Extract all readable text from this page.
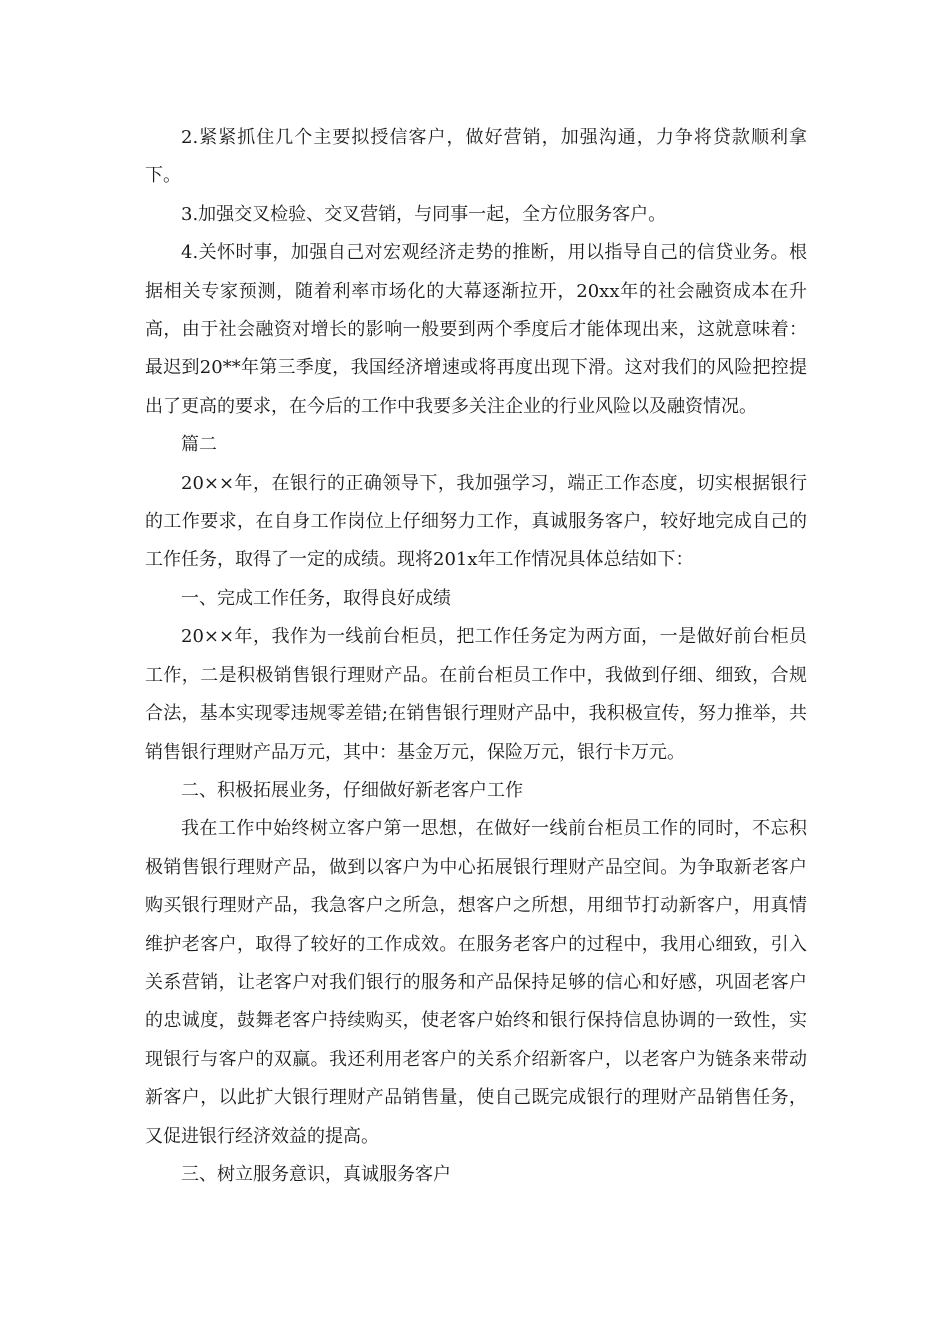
2.紧紧抓住几个主要拟授信客户，做好营销，加强沟通，力争将贷款顺利拿下。

3.加强交叉检验、交叉营销，与同事一起，全方位服务客户。

4.关怀时事，加强自己对宏观经济走势的推断，用以指导自己的信贷业务。根据相关专家预测，随着利率市场化的大幕逐渐拉开，20xx年的社会融资成本在升高，由于社会融资对增长的影响一般要到两个季度后才能体现出来，这就意味着：最迟到20**年第三季度，我国经济增速或将再度出现下滑。这对我们的风险把控提出了更高的要求，在今后的工作中我要多关注企业的行业风险以及融资情况。

篇二

20××年，在银行的正确领导下，我加强学习，端正工作态度，切实根据银行的工作要求，在自身工作岗位上仔细努力工作，真诚服务客户，较好地完成自己的工作任务，取得了一定的成绩。现将201x年工作情况具体总结如下：

一、完成工作任务，取得良好成绩

20××年，我作为一线前台柜员，把工作任务定为两方面，一是做好前台柜员工作，二是积极销售银行理财产品。在前台柜员工作中，我做到仔细、细致，合规合法，基本实现零违规零差错;在销售银行理财产品中，我积极宣传，努力推举，共销售银行理财产品万元，其中：基金万元，保险万元，银行卡万元。

二、积极拓展业务，仔细做好新老客户工作

我在工作中始终树立客户第一思想，在做好一线前台柜员工作的同时，不忘积极销售银行理财产品，做到以客户为中心拓展银行理财产品空间。为争取新老客户购买银行理财产品，我急客户之所急，想客户之所想，用细节打动新客户，用真情维护老客户，取得了较好的工作成效。在服务老客户的过程中，我用心细致，引入关系营销，让老客户对我们银行的服务和产品保持足够的信心和好感，巩固老客户的忠诚度，鼓舞老客户持续购买，使老客户始终和银行保持信息协调的一致性，实现银行与客户的双赢。我还利用老客户的关系介绍新客户，以老客户为链条来带动新客户，以此扩大银行理财产品销售量，使自己既完成银行的理财产品销售任务，又促进银行经济效益的提高。

三、树立服务意识，真诚服务客户
